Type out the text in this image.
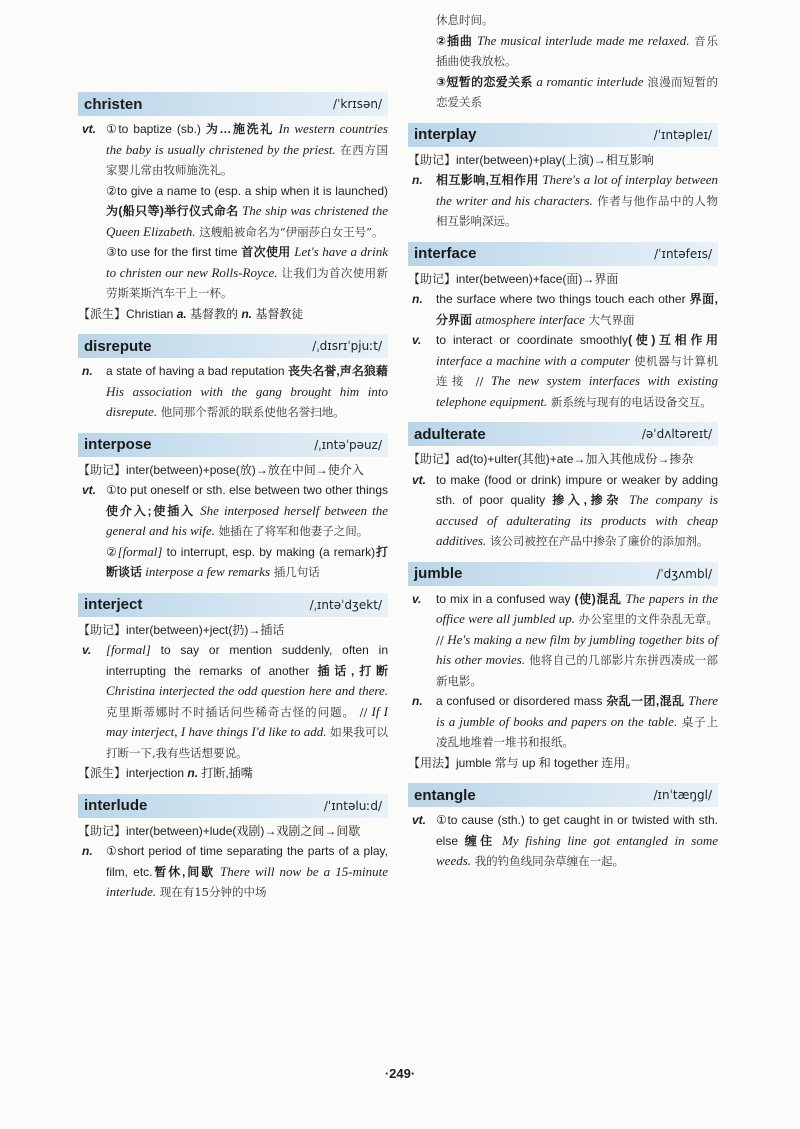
christen	/ˈkrɪsən/
vt. ①to baptize (sb.) 为…施洗礼 In western countries the baby is usually christened by the priest. 在西方国家婴儿常由牧师施洗礼。
②to give a name to (esp. a ship when it is launched)为(船只等)举行仪式命名 The ship was christened the Queen Elizabeth. 这艘船被命名为“伊丽莎白女王号”。
③to use for the first time 首次使用 Let's have a drink to christen our new Rolls-Royce. 让我们为首次使用新劳斯莱斯汽车干上一杯。
【派生】Christian a. 基督教的 n. 基督教徒
disrepute	/ˌdɪsrɪˈpjuːt/
n.	a state of having a bad reputation 丧失名誉,声名狼藉 His association with the gang brought him into disrepute. 他同那个帮派的联系使他名誉扫地。
interpose	/ˌɪntəˈpəuz/
【助记】inter(between)+pose(放)→放在中间→使介入
vt. ①to put oneself or sth. else between two other things 使介入;使插入 She interposed herself between the general and his wife. 她插在了将军和他妻子之间。
②[formal] to interrupt, esp. by making (a remark)打断谈话 interpose a few remarks 插几句话
interject	/ˌɪntəˈdʒekt/
【助记】inter(between)+ject(扔)→插话
v.	[formal] to say or mention suddenly, often in interrupting the remarks of another 插话,打断 Christina interjected the odd question here and there. 克里斯蒂娜时不时插话问些稀奇古怪的问题。 // If I may interject, I have things I'd like to add. 如果我可以打断一下,我有些话想要说。
【派生】interjection n. 打断,插嘴
interlude	/ˈɪntəluːd/
【助记】inter(between)+lude(戏剧)→戏剧之间→间歇
n.	①short period of time separating the parts of a play, film, etc.暂休,间歇 There will now be a 15-minute interlude. 现在有15分钟的中场
休息时间。
②插曲 The musical interlude made me relaxed. 音乐插曲使我放松。
③短暂的恋爱关系 a romantic interlude 浪漫而短暂的恋爱关系
interplay	/ˈɪntəpleɪ/
【助记】inter(between)+play(上演)→相互影响
n.	相互影响,互相作用 There's a lot of interplay between the writer and his characters. 作者与他作品中的人物相互影响深远。
interface	/ˈɪntəfeɪs/
【助记】inter(between)+face(面)→界面
n.	the surface where two things touch each other 界面,分界面 atmosphere interface 大气界面
v.	to interact or coordinate smoothly(使)互相作用 interface a machine with a computer 使机器与计算机连接 // The new system interfaces with existing telephone equipment. 新系统与现有的电话设备交互。
adulterate	/əˈdʌltəreɪt/
【助记】ad(to)+ulter(其他)+ate→加入其他成份→掺杂
vt. to make (food or drink) impure or weaker by adding sth. of poor quality 掺入,掺杂 The company is accused of adulterating its products with cheap additives. 该公司被控在产品中掺杂了廉价的添加剂。
jumble	/ˈdʒʌmbl/
v.	to mix in a confused way (使)混乱 The papers in the office were all jumbled up. 办公室里的文件杂乱无章。 // He's making a new film by jumbling together bits of his other movies. 他将自己的几部影片东拼西凑成一部新电影。
n.	a confused or disordered mass 杂乱一团,混乱 There is a jumble of books and papers on the table. 桌子上凌乱地堆着一堆书和报纸。
【用法】jumble 常与 up 和 together 连用。
entangle	/ɪnˈtæŋgl/
vt. ①to cause (sth.) to get caught in or twisted with sth. else 缠住 My fishing line got entangled in some weeds. 我的钓鱼线同杂草缠在一起。
·249·
